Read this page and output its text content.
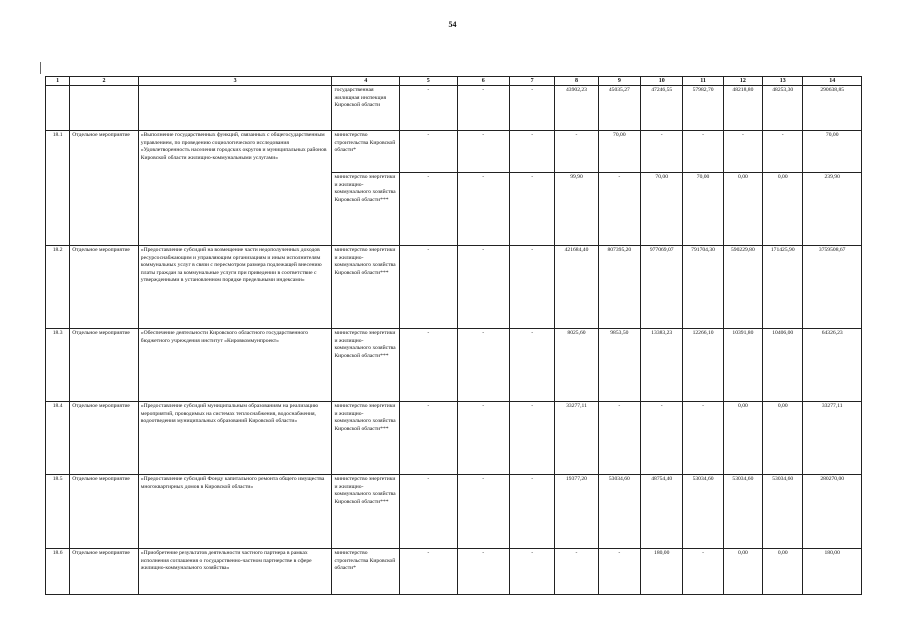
54
1	2	3	4	5	6	7	8	9	10	11	12	13	14
			государственная жилищная инспекция Кировской области	-	-	-	43902,23	45035,27	47246,55	57982,70	48218,80	48253,30	290638,85
18.1	Отдельное мероприятие	«Выполнение государственных функций, связанных с общегосударственным управлением, по проведению социологического исследования «Удовлетворенность населения городских округов и муниципальных районов Кировской области жилищно-коммунальными услугами»	министерство строительства Кировской области*	-	-	-	-	70,00	-	-	-	-	70,00
			министерство энергетики и жилищно-коммунального хозяйства Кировской области***	-	-	-	99,90	-	70,00	70,00	0,00	0,00	239,90
18.2	Отдельное мероприятие	«Предоставление субсидий на возмещение части недополученных доходов ресурсоснабжающим и управляющим организациям и иным исполнителям коммунальных услуг в связи с пересмотром размера подлежащей внесению платы граждан за коммунальные услуги при приведении в соответствие с утвержденными в установленном порядке предельными индексами»	министерство энергетики и жилищно-коммунального хозяйства Кировской области***	-	-	-	421684,40	807395,20	977069,07	791704,30	590229,80	171425,90	3759508,67
18.3	Отдельное мероприятие	«Обеспечение деятельности Кировского областного государственного бюджетного учреждения институт «Кировкоммунпроект»	министерство энергетики и жилищно-коммунального хозяйства Кировской области***	-	-	-	8025,60	9853,50	13383,23	12266,10	10391,80	10406,00	64326,23
18.4	Отдельное мероприятие	«Предоставление субсидий муниципальным образованиям на реализацию мероприятий, проводимых на системах теплоснабжения, водоснабжения, водоотведения муниципальных образований Кировской области»	министерство энергетики и жилищно-коммунального хозяйства Кировской области***	-	-	-	33277,11	-	-	-	0,00	0,00	33277,11
18.5	Отдельное мероприятие	«Предоставление субсидий Фонду капитального ремонта общего имущества многоквартирных домов в Кировской области»	министерство энергетики и жилищно-коммунального хозяйства Кировской области***	-	-	-	19377,20	53034,60	48754,40	53034,60	53034,60	53034,60	280270,00
18.6	Отдельное мероприятие	«Приобретение результатов деятельности частного партнера в рамках исполнения соглашения о государственно-частном партнерстве в сфере жилищно-коммунального хозяйства»	министерство строительства Кировской области*	-	-	-	-	-	180,00	-	0,00	0,00	180,00
